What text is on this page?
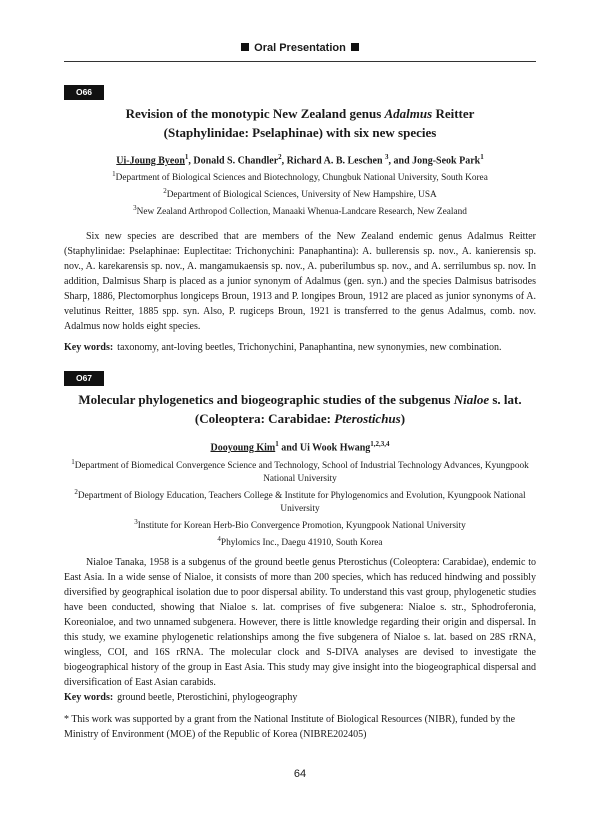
Oral Presentation
O66
Revision of the monotypic New Zealand genus Adalmus Reitter
(Staphylinidae: Pselaphinae) with six new species
Ui-Joung Byeon$^1$, Donald S. Chandler$^2$, Richard A. B. Leschen $^3$, and Jong-Seok Park$^1$
$^1$Department of Biological Sciences and Biotechnology, Chungbuk National University, South Korea
$^2$Department of Biological Sciences, University of New Hampshire, USA
$^3$New Zealand Arthropod Collection, Manaaki Whenua-Landcare Research, New Zealand
Six new species are described that are members of the New Zealand endemic genus Adalmus Reitter (Staphylinidae: Pselaphinae: Euplectitae: Trichonychini: Panaphantina): A. bullerensis sp. nov., A. kanierensis sp. nov., A. karekarensis sp. nov., A. mangamukaensis sp. nov., A. puberilumbus sp. nov., and A. serrilumbus sp. nov. In addition, Dalmisus Sharp is placed as a junior synonym of Adalmus (gen. syn.) and the species Dalmisus batrisodes Sharp, 1886, Plectomorphus longiceps Broun, 1913 and P. longipes Broun, 1912 are placed as junior synonyms of A. velutinus Reitter, 1885 spp. syn. Also, P. rugiceps Broun, 1921 is transferred to the genus Adalmus, comb. nov. Adalmus now holds eight species.
Key words: taxonomy, ant-loving beetles, Trichonychini, Panaphantina, new synonymies, new combination.
O67
Molecular phylogenetics and biogeographic studies of the subgenus Nialoe s. lat.
(Coleoptera: Carabidae: Pterostichus)
Dooyoung Kim$^1$ and Ui Wook Hwang$^{1,2,3,4}$
$^1$Department of Biomedical Convergence Science and Technology, School of Industrial Technology Advances, Kyungpook National University
$^2$Department of Biology Education, Teachers College & Institute for Phylogenomics and Evolution, Kyungpook National University
$^3$Institute for Korean Herb-Bio Convergence Promotion, Kyungpook National University
$^4$Phylomics Inc., Daegu 41910, South Korea
Nialoe Tanaka, 1958 is a subgenus of the ground beetle genus Pterostichus (Coleoptera: Carabidae), endemic to East Asia. In a wide sense of Nialoe, it consists of more than 200 species, which has reduced hindwing and possibly diversified by geographical isolation due to poor dispersal ability. To understand this vast group, phylogenetic studies have been conducted, showing that Nialoe s. lat. comprises of five subgenera: Nialoe s. str., Sphodroferonia, Koreonialoe, and two unnamed subgenera. However, there is little knowledge regarding their origin and dispersal. In this study, we examine phylogenetic relationships among the five subgenera of Nialoe s. lat. based on 28S rRNA, wingless, COI, and 16S rRNA. The molecular clock and S-DIVA analyses are devised to investigate the biogeographical history of the group in East Asia. This study may give insight into the biogeographical dispersal and diversification of East Asian carabids.
Key words: ground beetle, Pterostichini, phylogeography
* This work was supported by a grant from the National Institute of Biological Resources (NIBR), funded by the Ministry of Environment (MOE) of the Republic of Korea (NIBRE202405)
64
